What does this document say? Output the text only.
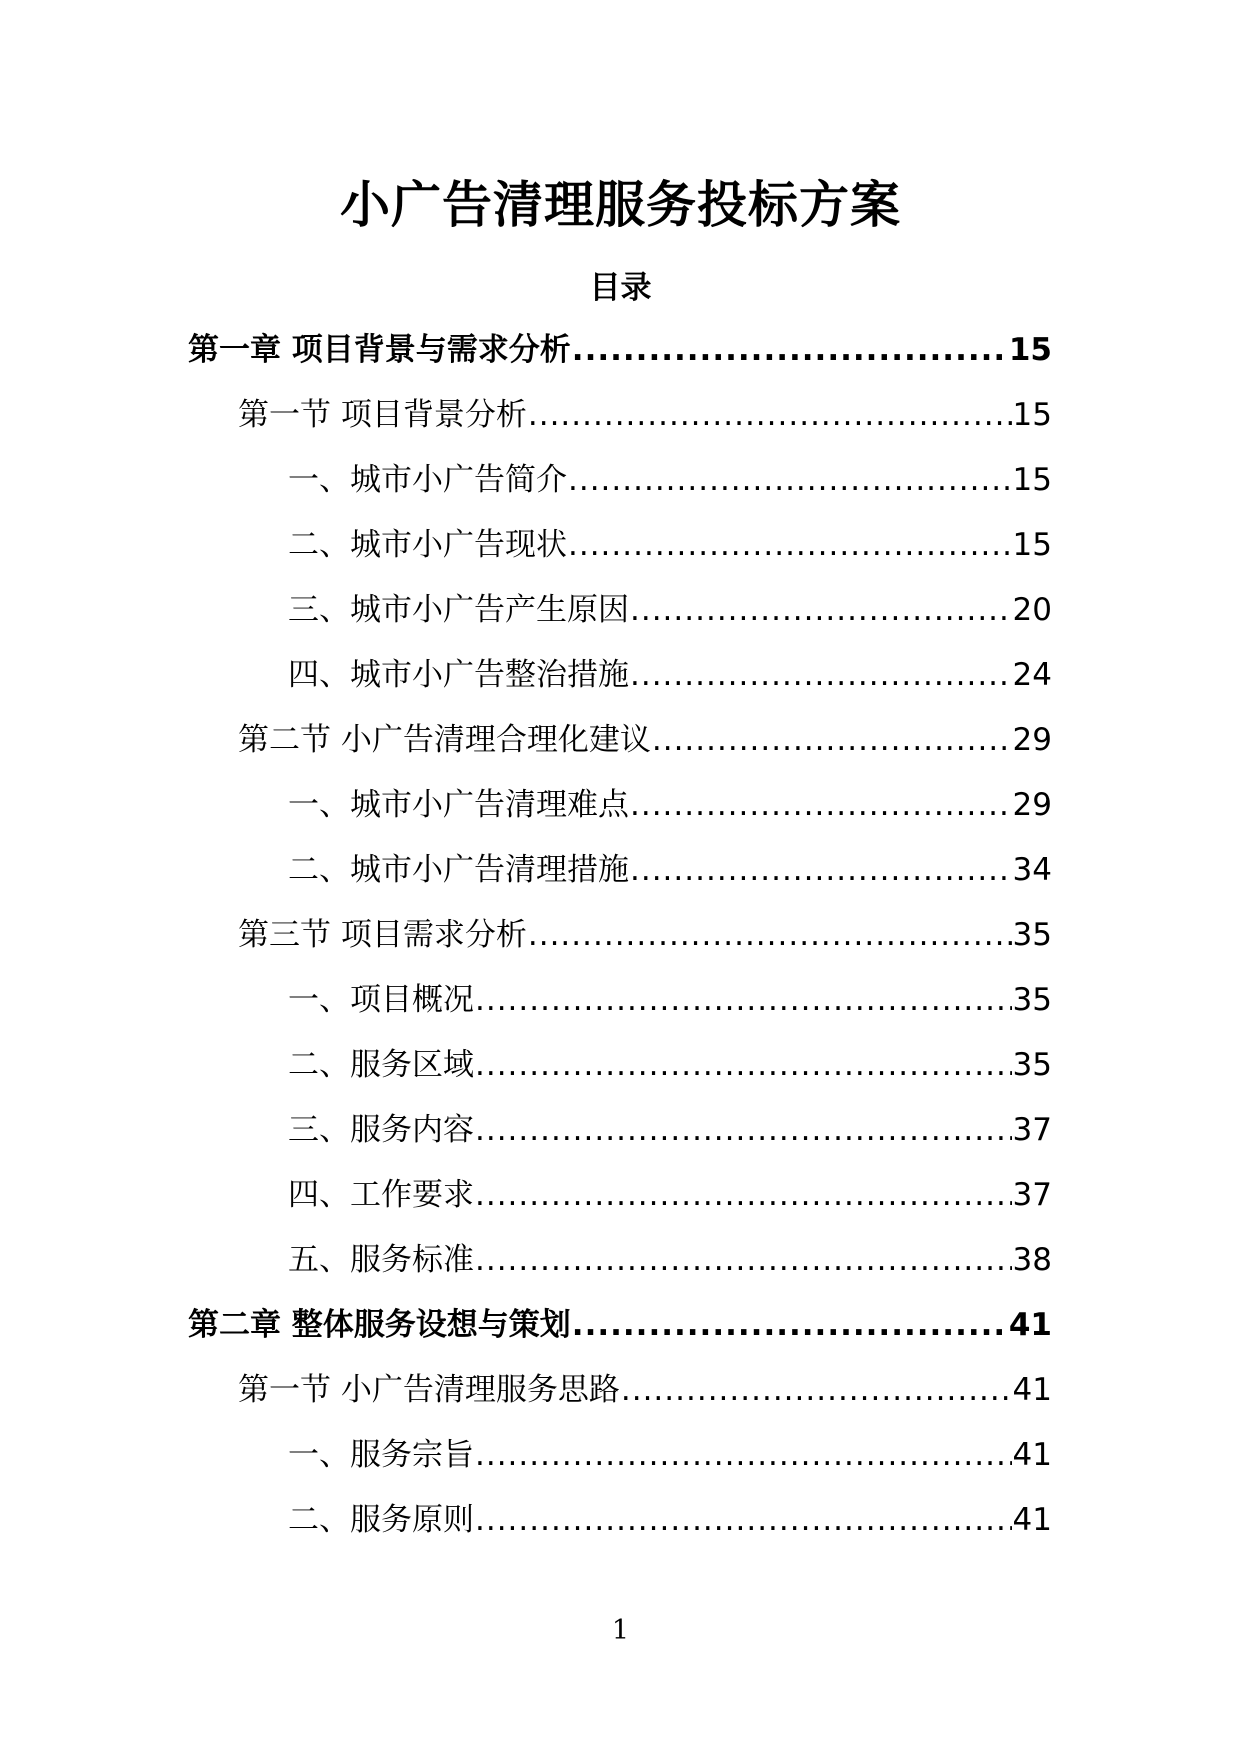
小广告清理服务投标方案
目录
第一章 项目背景与需求分析 .....	15
第一节 项目背景分析 .....	15
一、城市小广告简介 .....	15
二、城市小广告现状 .....	15
三、城市小广告产生原因 .....	20
四、城市小广告整治措施 .....	24
第二节 小广告清理合理化建议 .....	29
一、城市小广告清理难点 .....	29
二、城市小广告清理措施 .....	34
第三节 项目需求分析 .....	35
一、项目概况 .....	35
二、服务区域 .....	35
三、服务内容 .....	37
四、工作要求 .....	37
五、服务标准 .....	38
第二章 整体服务设想与策划 .....	41
第一节 小广告清理服务思路 .....	41
一、服务宗旨 .....	41
二、服务原则 .....	41
1
